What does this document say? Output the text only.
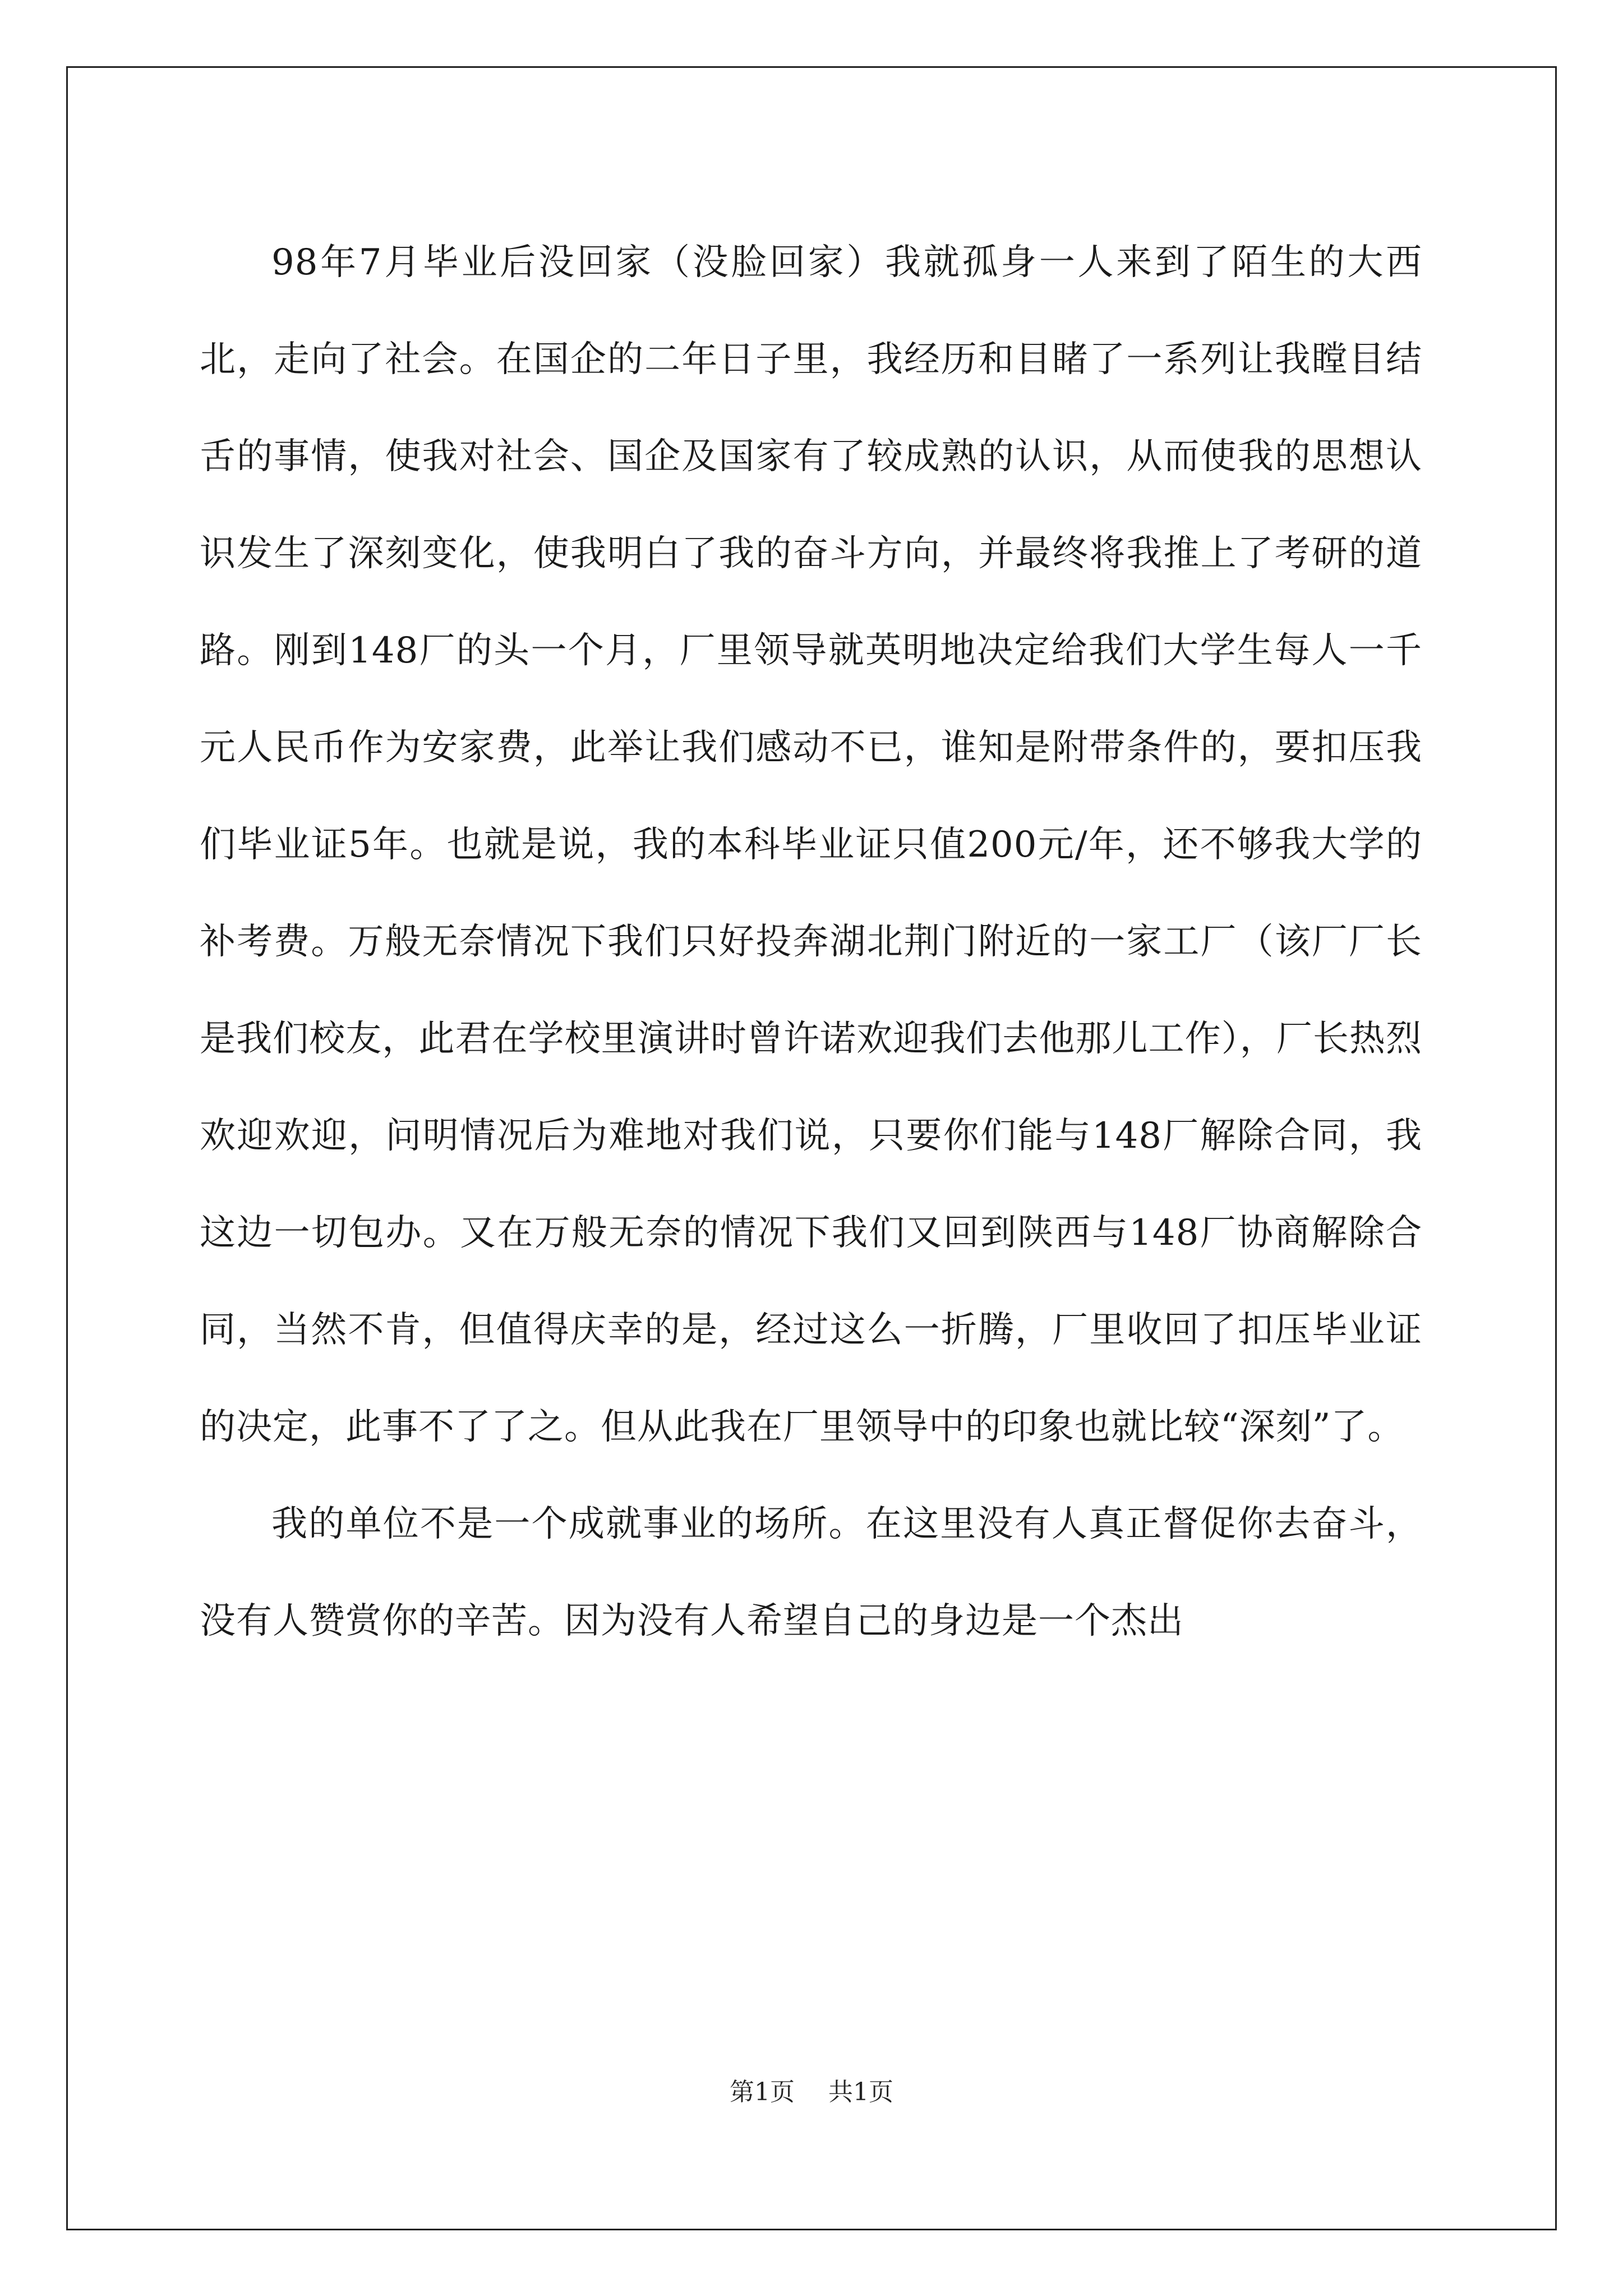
98年7月毕业后没回家（没脸回家）我就孤身一人来到了陌生的大西北，走向了社会。在国企的二年日子里，我经历和目睹了一系列让我瞠目结舌的事情，使我对社会、国企及国家有了较成熟的认识，从而使我的思想认识发生了深刻变化，使我明白了我的奋斗方向，并最终将我推上了考研的道路。刚到148厂的头一个月，厂里领导就英明地决定给我们大学生每人一千元人民币作为安家费，此举让我们感动不已，谁知是附带条件的，要扣压我们毕业证5年。也就是说，我的本科毕业证只值200元/年，还不够我大学的补考费。万般无奈情况下我们只好投奔湖北荆门附近的一家工厂（该厂厂长是我们校友，此君在学校里演讲时曾许诺欢迎我们去他那儿工作），厂长热烈欢迎欢迎，问明情况后为难地对我们说，只要你们能与148厂解除合同，我这边一切包办。又在万般无奈的情况下我们又回到陕西与148厂协商解除合同，当然不肯，但值得庆幸的是，经过这么一折腾，厂里收回了扣压毕业证的决定，此事不了了之。但从此我在厂里领导中的印象也就比较“深刻”了。

我的单位不是一个成就事业的场所。在这里没有人真正督促你去奋斗，没有人赞赏你的辛苦。因为没有人希望自己的身边是一个杰出

第1页 共1页
